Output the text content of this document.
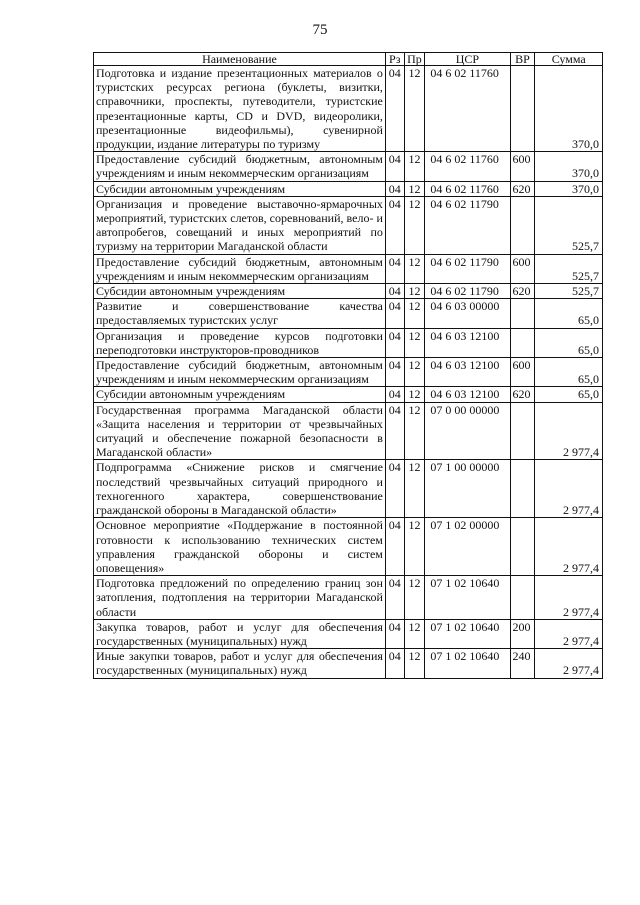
75
Наименование	Рз	Пр	ЦСР	ВР	Сумма
Подготовка и издание презентационных материалов о туристских ресурсах региона (буклеты, визитки, справочники, проспекты, путеводители, туристские презентационные карты, CD и DVD, видеоролики, презентационные видеофильмы), сувенирной продукции, издание литературы по туризму	04	12	04 6 02 11760		370,0
Предоставление субсидий бюджетным, автономным учреждениям и иным некоммерческим организациям	04	12	04 6 02 11760	600	370,0
Субсидии автономным учреждениям	04	12	04 6 02 11760	620	370,0
Организация и проведение выставочно-ярмарочных мероприятий, туристских слетов, соревнований, вело- и автопробегов, совещаний и иных мероприятий по туризму на территории Магаданской области	04	12	04 6 02 11790		525,7
Предоставление субсидий бюджетным, автономным учреждениям и иным некоммерческим организациям	04	12	04 6 02 11790	600	525,7
Субсидии автономным учреждениям	04	12	04 6 02 11790	620	525,7
Развитие и совершенствование качества предоставляемых туристских услуг	04	12	04 6 03 00000		65,0
Организация и проведение курсов подготовки переподготовки инструкторов-проводников	04	12	04 6 03 12100		65,0
Предоставление субсидий бюджетным, автономным учреждениям и иным некоммерческим организациям	04	12	04 6 03 12100	600	65,0
Субсидии автономным учреждениям	04	12	04 6 03 12100	620	65,0
Государственная программа Магаданской области «Защита населения и территории от чрезвычайных ситуаций и обеспечение пожарной безопасности в Магаданской области»	04	12	07 0 00 00000		2 977,4
Подпрограмма «Снижение рисков и смягчение последствий чрезвычайных ситуаций природного и техногенного характера, совершенствование гражданской обороны в Магаданской области»	04	12	07 1 00 00000		2 977,4
Основное мероприятие «Поддержание в постоянной готовности к использованию технических систем управления гражданской обороны и систем оповещения»	04	12	07 1 02 00000		2 977,4
Подготовка предложений по определению границ зон затопления, подтопления на территории Магаданской области	04	12	07 1 02 10640		2 977,4
Закупка товаров, работ и услуг для обеспечения государственных (муниципальных) нужд	04	12	07 1 02 10640	200	2 977,4
Иные закупки товаров, работ и услуг для обеспечения государственных (муниципальных) нужд	04	12	07 1 02 10640	240	2 977,4
